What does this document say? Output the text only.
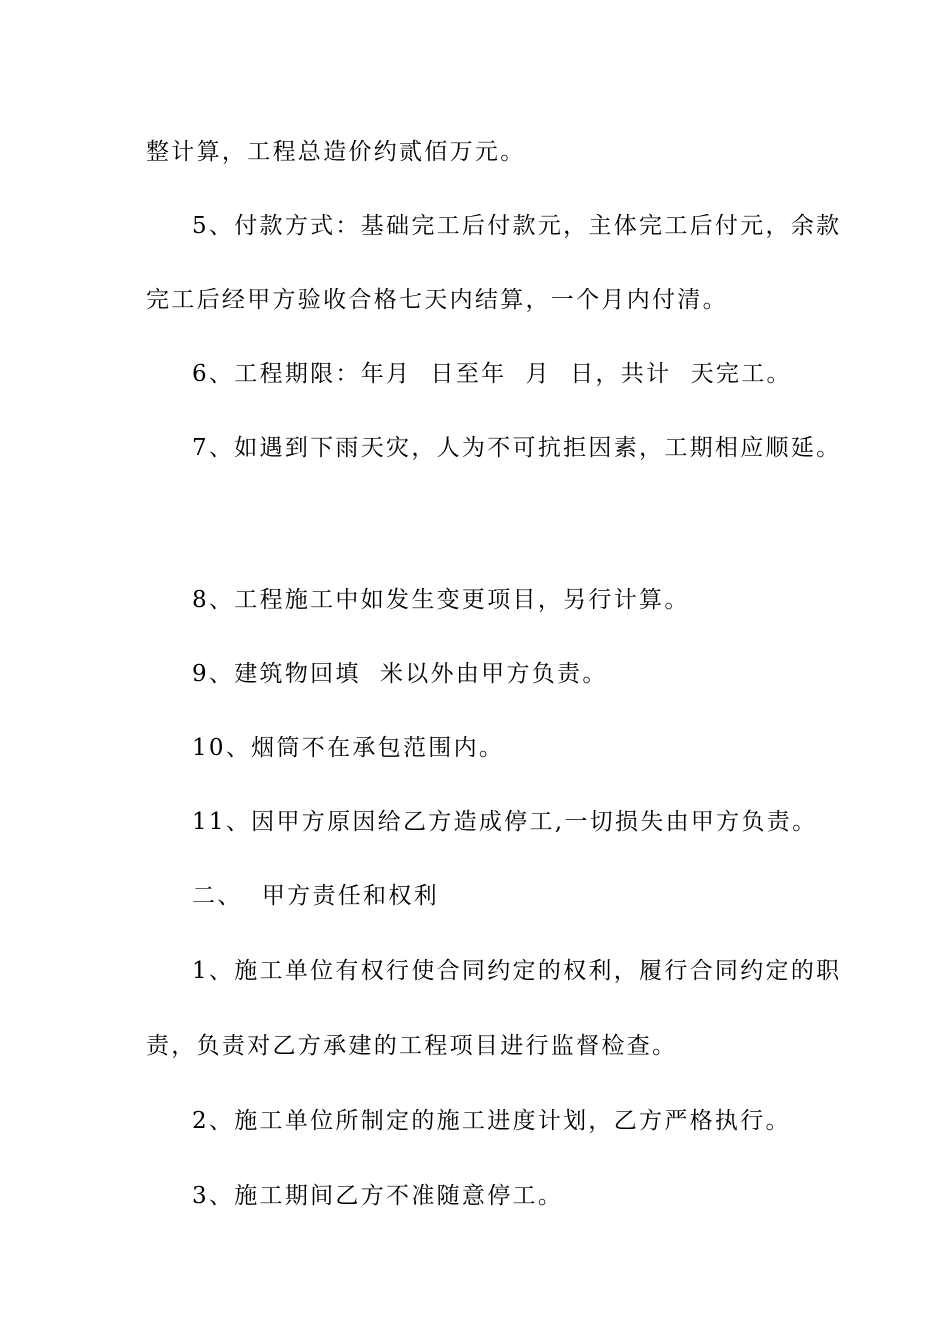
整计算，工程总造价约贰佰万元。
5、付款方式：基础完工后付款元，主体完工后付元，余款
完工后经甲方验收合格七天内结算，一个月内付清。
6、工程期限：年月  日至年  月  日，共计  天完工。
7、如遇到下雨天灾，人为不可抗拒因素，工期相应顺延。
8、工程施工中如发生变更项目，另行计算。
9、建筑物回填  米以外由甲方负责。
10、烟筒不在承包范围内。
11、因甲方原因给乙方造成停工,一切损失由甲方负责。
二、  甲方责任和权利
1、施工单位有权行使合同约定的权利，履行合同约定的职
责，负责对乙方承建的工程项目进行监督检查。
2、施工单位所制定的施工进度计划，乙方严格执行。
3、施工期间乙方不准随意停工。
